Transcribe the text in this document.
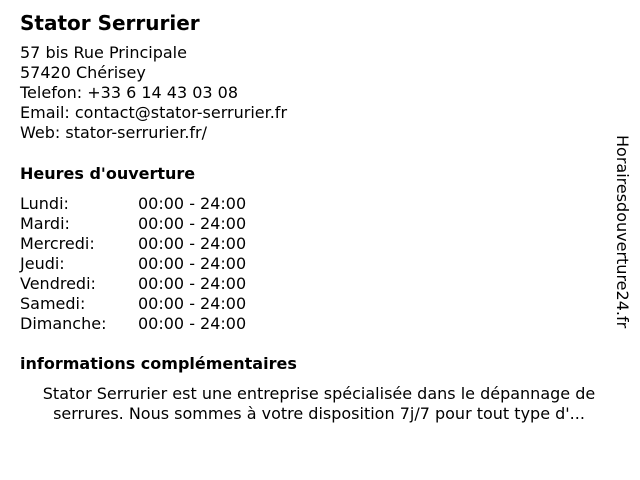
Stator Serrurier
57 bis Rue Principale
57420 Chérisey
Telefon: +33 6 14 43 03 08
Email: contact@stator-serrurier.fr
Web: stator-serrurier.fr/
Heures d'ouverture
Lundi:	00:00 - 24:00
Mardi:	00:00 - 24:00
Mercredi:	00:00 - 24:00
Jeudi:	00:00 - 24:00
Vendredi:	00:00 - 24:00
Samedi:	00:00 - 24:00
Dimanche: 00:00 - 24:00
informations complémentaires
Stator Serrurier est une entreprise spécialisée dans le dépannage de serrures. Nous sommes à votre disposition 7j/7 pour tout type d'...
Horairesdouverture24.fr
